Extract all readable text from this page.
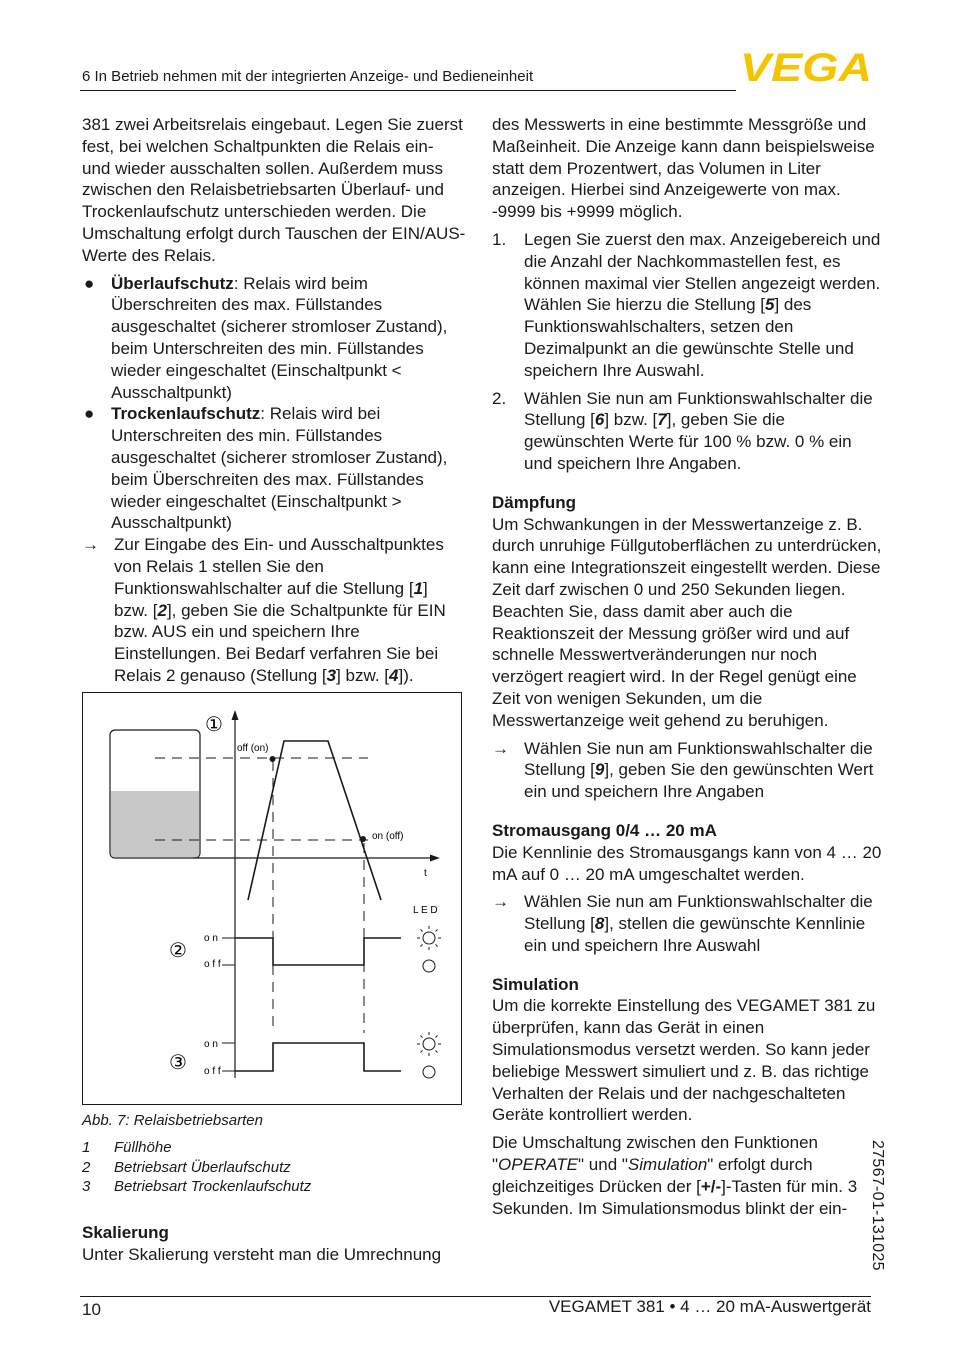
6 In Betrieb nehmen mit der integrierten Anzeige- und Bedieneinheit	VEGA

381 zwei Arbeitsrelais eingebaut. Legen Sie zuerst fest, bei welchen Schaltpunkten die Relais ein- und wieder ausschalten sollen. Außerdem muss zwischen den Relaisbetriebsarten Überlauf- und Trockenlaufschutz unterschieden werden. Die Umschaltung erfolgt durch Tauschen der EIN/AUS-Werte des Relais.

● Überlaufschutz: Relais wird beim Überschreiten des max. Füllstandes ausgeschaltet (sicherer stromloser Zustand), beim Unterschreiten des min. Füllstandes wieder eingeschaltet (Einschaltpunkt < Ausschaltpunkt)
● Trockenlaufschutz: Relais wird bei Unterschreiten des min. Füllstandes ausgeschaltet (sicherer stromloser Zustand), beim Überschreiten des max. Füllstandes wieder eingeschaltet (Einschaltpunkt > Ausschaltpunkt)
→ Zur Eingabe des Ein- und Ausschaltpunktes von Relais 1 stellen Sie den Funktionswahlschalter auf die Stellung [1] bzw. [2], geben Sie die Schaltpunkte für EIN bzw. AUS ein und speichern Ihre Einstellungen. Bei Bedarf verfahren Sie bei Relais 2 genauso (Stellung [3] bzw. [4]).
off (on)
on (off)
t
①
②
③
L E D
o n
o f f
o n
o f f
Abb. 7: Relaisbetriebsarten
1 Füllhöhe
2 Betriebsart Überlaufschutz
3 Betriebsart Trockenlaufschutz

Skalierung

Unter Skalierung versteht man die Umrechnung

des Messwerts in eine bestimmte Messgröße und Maßeinheit. Die Anzeige kann dann beispielsweise statt dem Prozentwert, das Volumen in Liter anzeigen. Hierbei sind Anzeigewerte von max. -9999 bis +9999 möglich.

1. Legen Sie zuerst den max. Anzeigebereich und die Anzahl der Nachkommastellen fest, es können maximal vier Stellen angezeigt werden. Wählen Sie hierzu die Stellung [5] des Funktionswahlschalters, setzen den Dezimalpunkt an die gewünschte Stelle und speichern Ihre Auswahl.
2. Wählen Sie nun am Funktionswahlschalter die Stellung [6] bzw. [7], geben Sie die gewünschten Werte für 100 % bzw. 0 % ein und speichern Ihre Angaben.

Dämpfung

Um Schwankungen in der Messwertanzeige z. B. durch unruhige Füllgutoberflächen zu unterdrücken, kann eine Integrationszeit eingestellt werden. Diese Zeit darf zwischen 0 und 250 Sekunden liegen. Beachten Sie, dass damit aber auch die Reaktionszeit der Messung größer wird und auf schnelle Messwertveränderungen nur noch verzögert reagiert wird. In der Regel genügt eine Zeit von wenigen Sekunden, um die Messwertanzeige weit gehend zu beruhigen.

→ Wählen Sie nun am Funktionswahlschalter die Stellung [9], geben Sie den gewünschten Wert ein und speichern Ihre Angaben

Stromausgang 0/4 … 20 mA

Die Kennlinie des Stromausgangs kann von 4 … 20 mA auf 0 … 20 mA umgeschaltet werden.

→ Wählen Sie nun am Funktionswahlschalter die Stellung [8], stellen die gewünschte Kennlinie ein und speichern Ihre Auswahl

Simulation

Um die korrekte Einstellung des VEGAMET 381 zu überprüfen, kann das Gerät in einen Simulationsmodus versetzt werden. So kann jeder beliebige Messwert simuliert und z. B. das richtige Verhalten der Relais und der nachgeschalteten Geräte kontrolliert werden.

Die Umschaltung zwischen den Funktionen "OPERATE" und "Simulation" erfolgt durch gleichzeitiges Drücken der [+/-]-Tasten für min. 3 Sekunden. Im Simulationsmodus blinkt der ein-	27567-01-131025
10	VEGAMET 381 • 4 … 20 mA-Auswertgerät
